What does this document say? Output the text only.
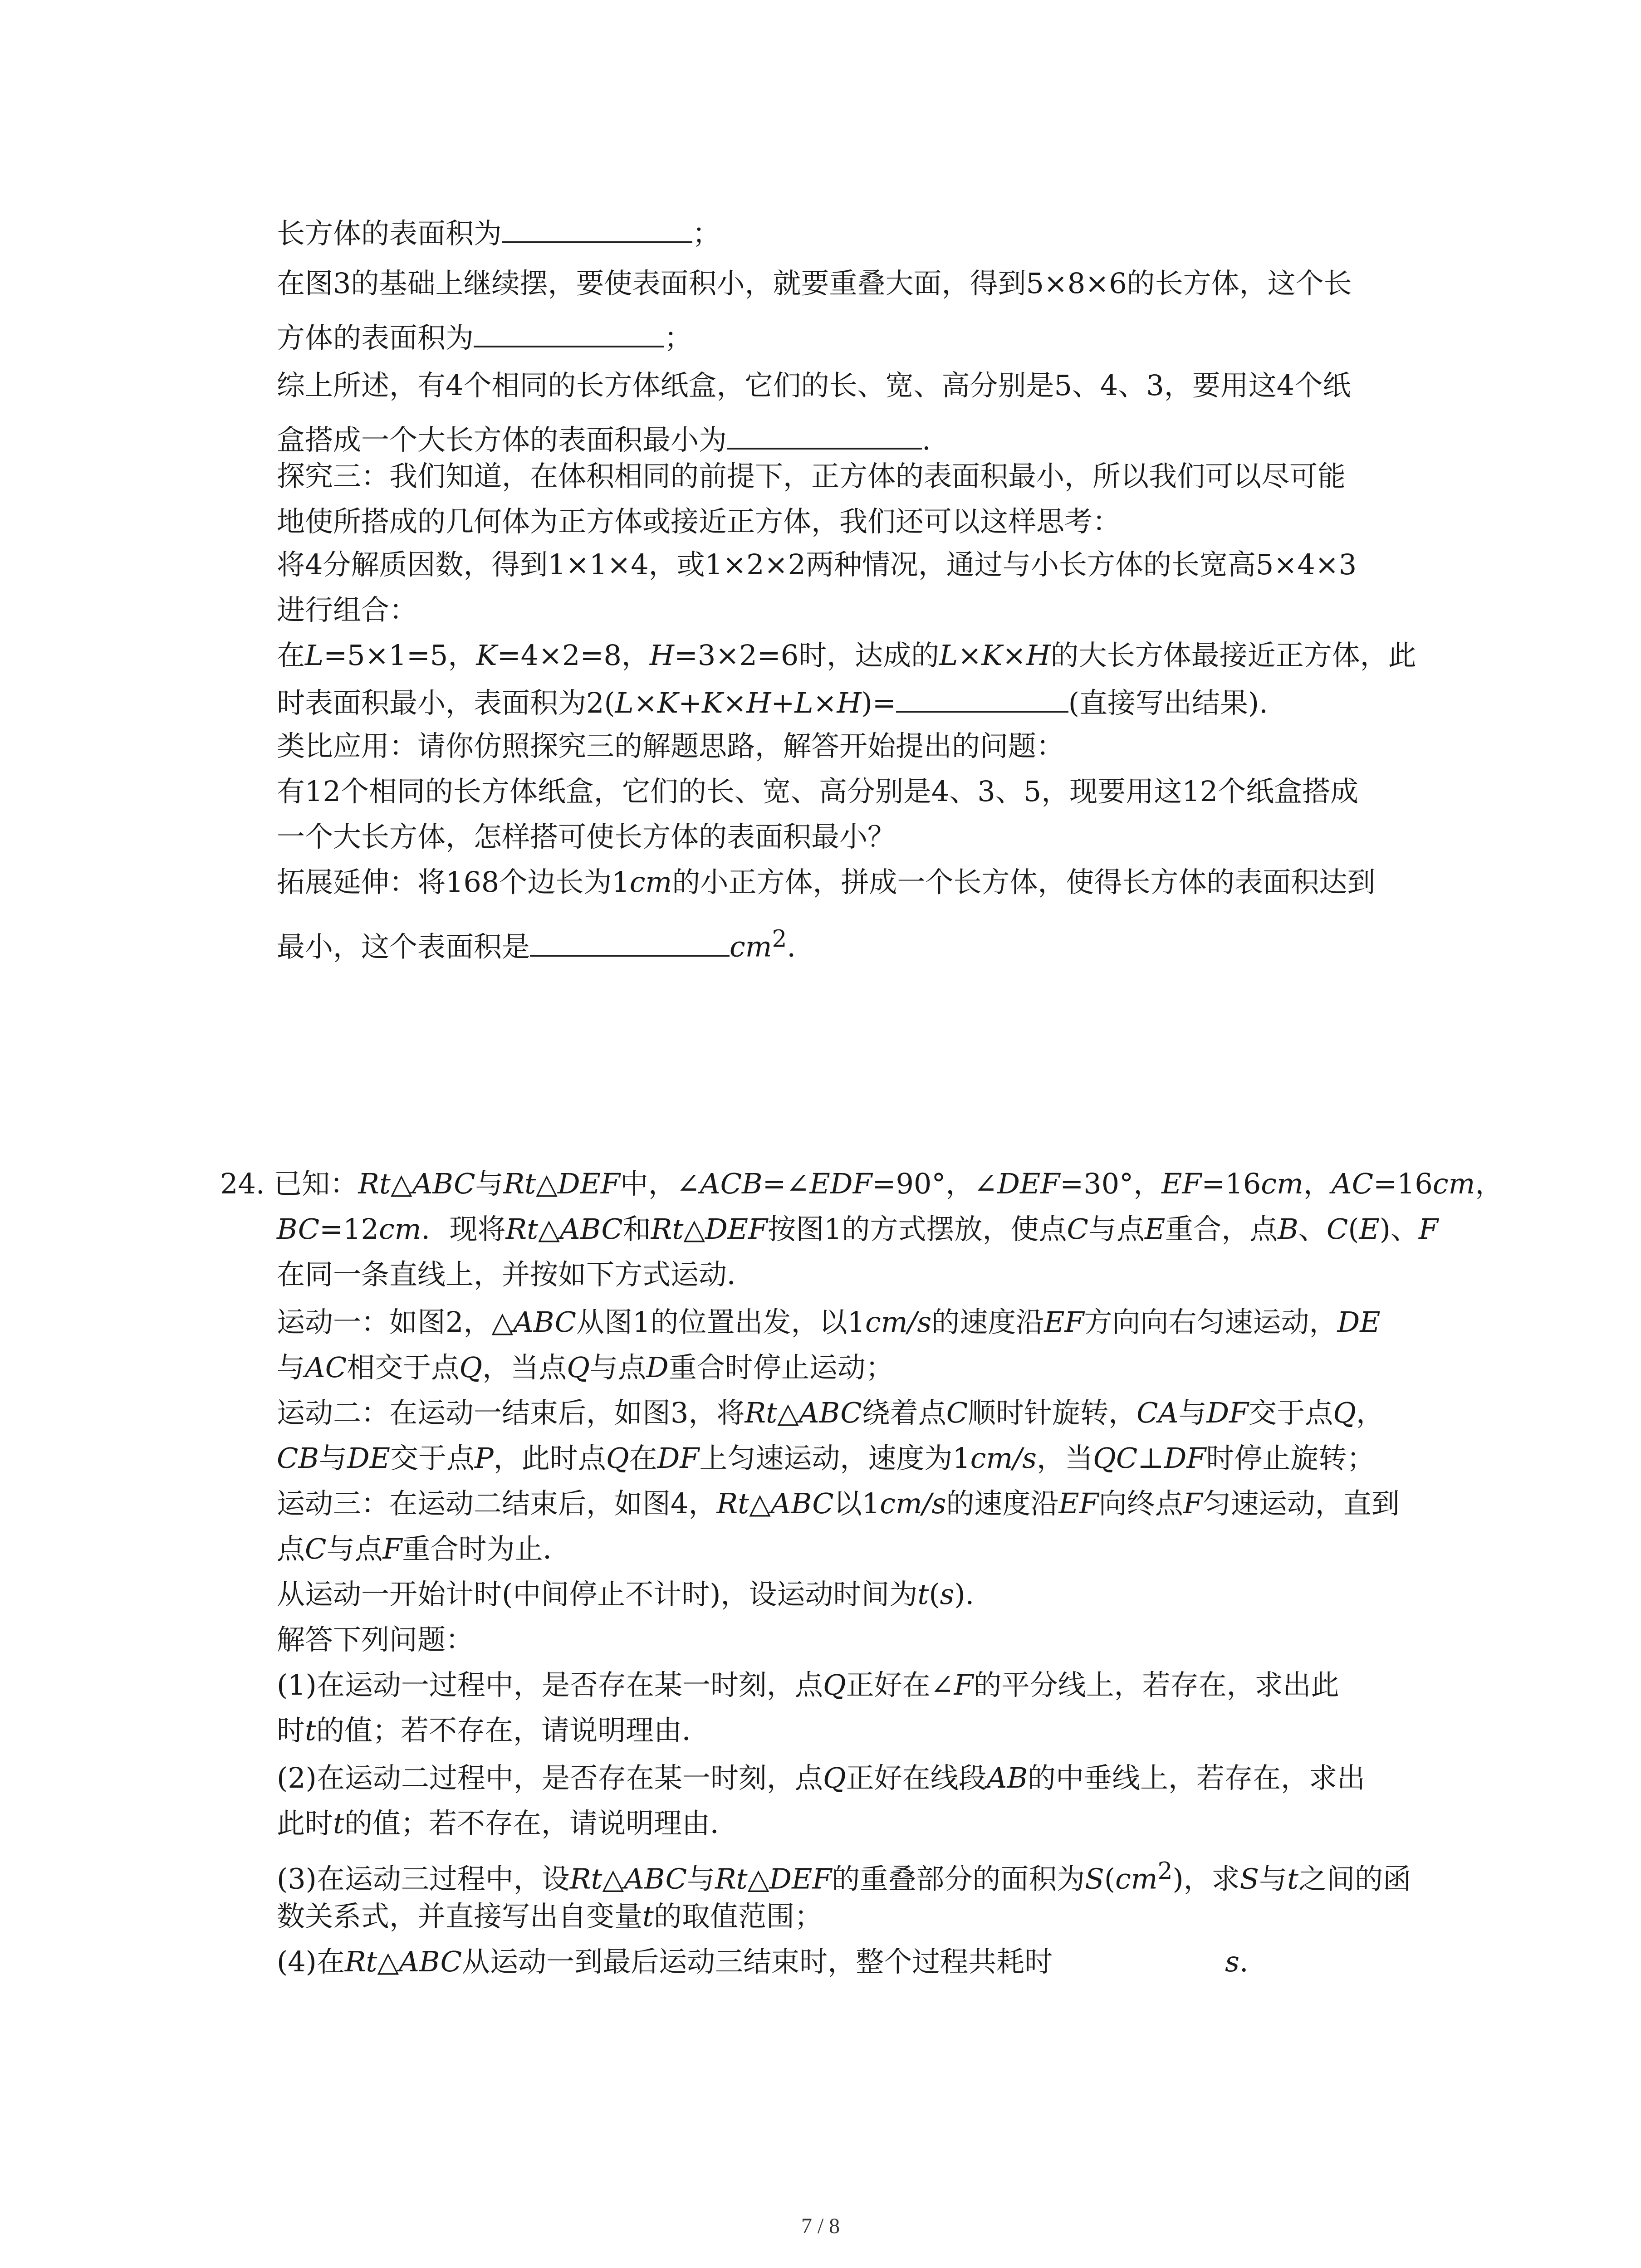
长方体的表面积为	；
在图3的基础上继续摆，要使表面积小，就要重叠大面，得到5×8×6的长方体，这个长
方体的表面积为	；
综上所述，有4个相同的长方体纸盒，它们的长、宽、高分别是5、4、3，要用这4个纸
盒搭成一个大长方体的表面积最小为	.
探究三：我们知道，在体积相同的前提下，正方体的表面积最小，所以我们可以尽可能
地使所搭成的几何体为正方体或接近正方体，我们还可以这样思考：
将4分解质因数，得到1×1×4，或1×2×2两种情况，通过与小长方体的长宽高5×4×3
进行组合：
在L=5×1=5，K=4×2=8，H=3×2=6时，达成的L×K×H的大长方体最接近正方体，此
时表面积最小，表面积为2(L×K+K×H+L×H)=	(直接写出结果).
类比应用：请你仿照探究三的解题思路，解答开始提出的问题：
有12个相同的长方体纸盒，它们的长、宽、高分别是4、3、5，现要用这12个纸盒搭成
一个大长方体，怎样搭可使长方体的表面积最小？
拓展延伸：将168个边长为1cm的小正方体，拼成一个长方体，使得长方体的表面积达到
最小，这个表面积是	$cm^2$.
24. 已知：Rt△ABC与Rt△DEF中，∠ACB=∠EDF=90°，∠DEF=30°，EF=16cm，AC=16cm，
BC=12cm．现将Rt△ABC和Rt△DEF按图1的方式摆放，使点C与点E重合，点B、C(E)、F
在同一条直线上，并按如下方式运动．
运动一：如图2，△ABC从图1的位置出发，以1cm/s的速度沿EF方向向右匀速运动，DE
与AC相交于点Q，当点Q与点D重合时停止运动；
运动二：在运动一结束后，如图3，将Rt△ABC绕着点C顺时针旋转，CA与DF交于点Q，
CB与DE交于点P，此时点Q在DF上匀速运动，速度为1cm/s，当QC⊥DF时停止旋转；
运动三：在运动二结束后，如图4，Rt△ABC以1cm/s的速度沿EF向终点F匀速运动，直到
点C与点F重合时为止．
从运动一开始计时(中间停止不计时)，设运动时间为t(s).
解答下列问题：
(1)在运动一过程中，是否存在某一时刻，点Q正好在∠F的平分线上，若存在，求出此
时t的值；若不存在，请说明理由．
(2)在运动二过程中，是否存在某一时刻，点Q正好在线段AB的中垂线上，若存在，求出
此时t的值；若不存在，请说明理由．
(3)在运动三过程中，设Rt△ABC与Rt△DEF的重叠部分的面积为$S(cm^2)$，求S与t之间的函
数关系式，并直接写出自变量t的取值范围；
(4)在Rt△ABC从运动一到最后运动三结束时，整个过程共耗时	s.
7 / 8
